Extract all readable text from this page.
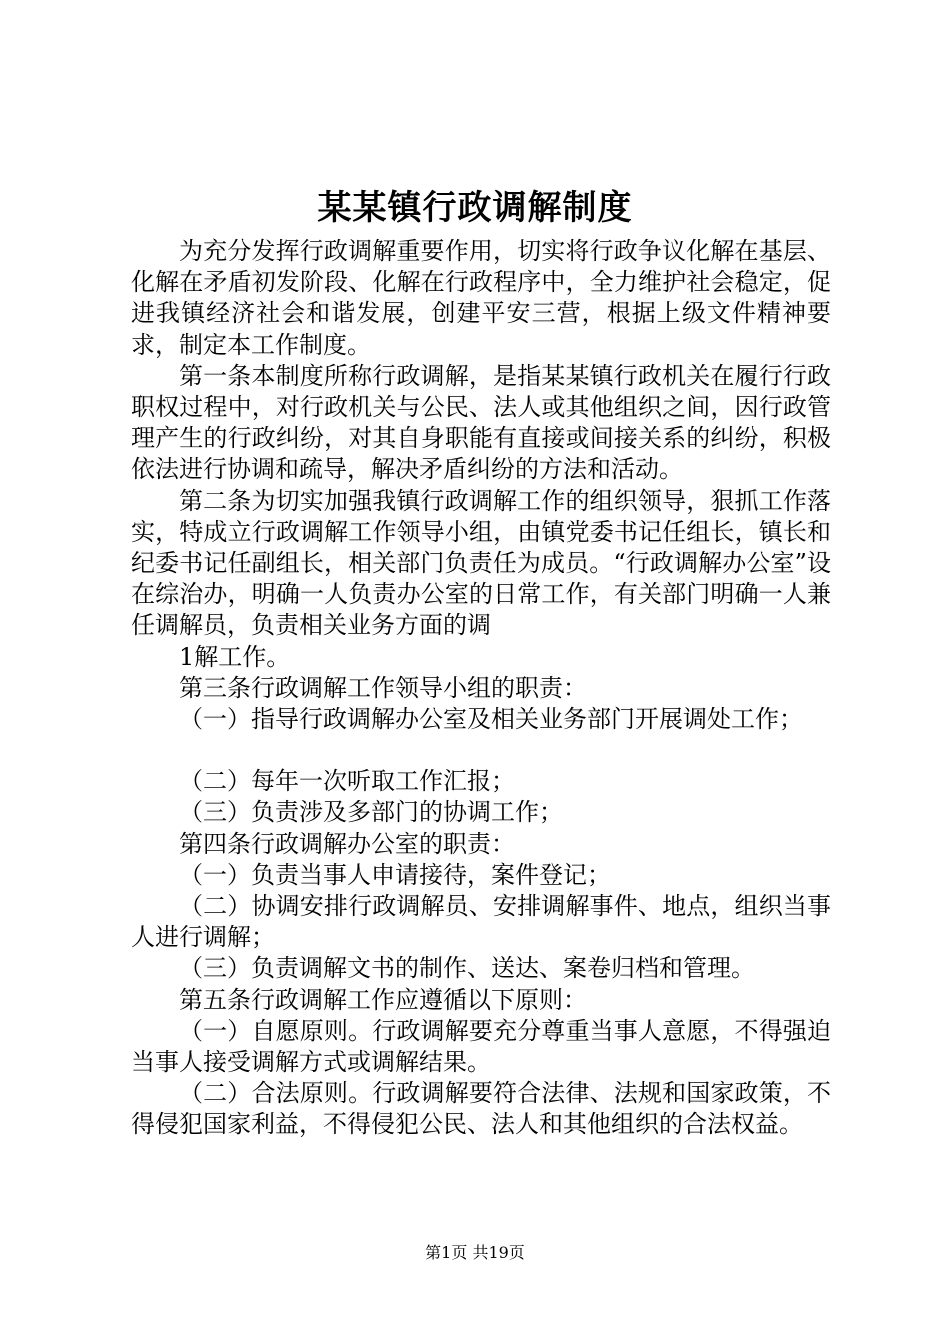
某某镇行政调解制度

为充分发挥行政调解重要作用，切实将行政争议化解在基层、化解在矛盾初发阶段、化解在行政程序中，全力维护社会稳定，促进我镇经济社会和谐发展，创建平安三营，根据上级文件精神要求，制定本工作制度。

第一条本制度所称行政调解，是指某某镇行政机关在履行行政职权过程中，对行政机关与公民、法人或其他组织之间，因行政管理产生的行政纠纷，对其自身职能有直接或间接关系的纠纷，积极依法进行协调和疏导，解决矛盾纠纷的方法和活动。

第二条为切实加强我镇行政调解工作的组织领导，狠抓工作落实，特成立行政调解工作领导小组，由镇党委书记任组长，镇长和纪委书记任副组长，相关部门负责任为成员。“行政调解办公室”设在综治办，明确一人负责办公室的日常工作，有关部门明确一人兼任调解员，负责相关业务方面的调

1解工作。

第三条行政调解工作领导小组的职责：

（一）指导行政调解办公室及相关业务部门开展调处工作；

（二）每年一次听取工作汇报；

（三）负责涉及多部门的协调工作；

第四条行政调解办公室的职责：

（一）负责当事人申请接待，案件登记；

（二）协调安排行政调解员、安排调解事件、地点，组织当事人进行调解；

（三）负责调解文书的制作、送达、案卷归档和管理。

第五条行政调解工作应遵循以下原则：

（一）自愿原则。行政调解要充分尊重当事人意愿，不得强迫当事人接受调解方式或调解结果。

（二）合法原则。行政调解要符合法律、法规和国家政策，不得侵犯国家利益，不得侵犯公民、法人和其他组织的合法权益。

第1页 共19页
